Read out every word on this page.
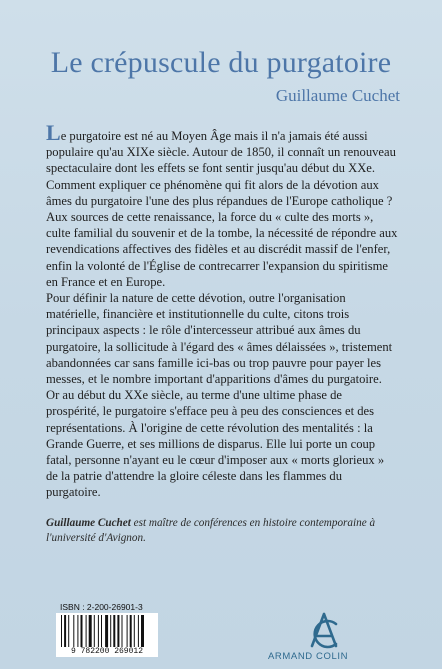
Le crépuscule du purgatoire
Guillaume Cuchet

Le purgatoire est né au Moyen Âge mais il n'a jamais été aussi populaire qu'au XIXe siècle. Autour de 1850, il connaît un renouveau spectaculaire dont les effets se font sentir jusqu'au début du XXe. Comment expliquer ce phénomène qui fit alors de la dévotion aux âmes du purgatoire l'une des plus répandues de l'Europe catholique ? Aux sources de cette renaissance, la force du « culte des morts », culte familial du souvenir et de la tombe, la nécessité de répondre aux revendications affectives des fidèles et au discrédit massif de l'enfer, enfin la volonté de l'Église de contrecarrer l'expansion du spiritisme en France et en Europe.

Pour définir la nature de cette dévotion, outre l'organisation matérielle, financière et institutionnelle du culte, citons trois principaux aspects : le rôle d'intercesseur attribué aux âmes du purgatoire, la sollicitude à l'égard des « âmes délaissées », tristement abandonnées car sans famille ici-bas ou trop pauvre pour payer les messes, et le nombre important d'apparitions d'âmes du purgatoire.

Or au début du XXe siècle, au terme d'une ultime phase de prospérité, le purgatoire s'efface peu à peu des consciences et des représentations. À l'origine de cette révolution des mentalités : la Grande Guerre, et ses millions de disparus. Elle lui porte un coup fatal, personne n'ayant eu le cœur d'imposer aux « morts glorieux » de la patrie d'attendre la gloire céleste dans les flammes du purgatoire.

Guillaume Cuchet est maître de conférences en histoire contemporaine à l'université d'Avignon.
ISBN : 2-200-26901-3
9 782200 269012	ARMAND COLIN
